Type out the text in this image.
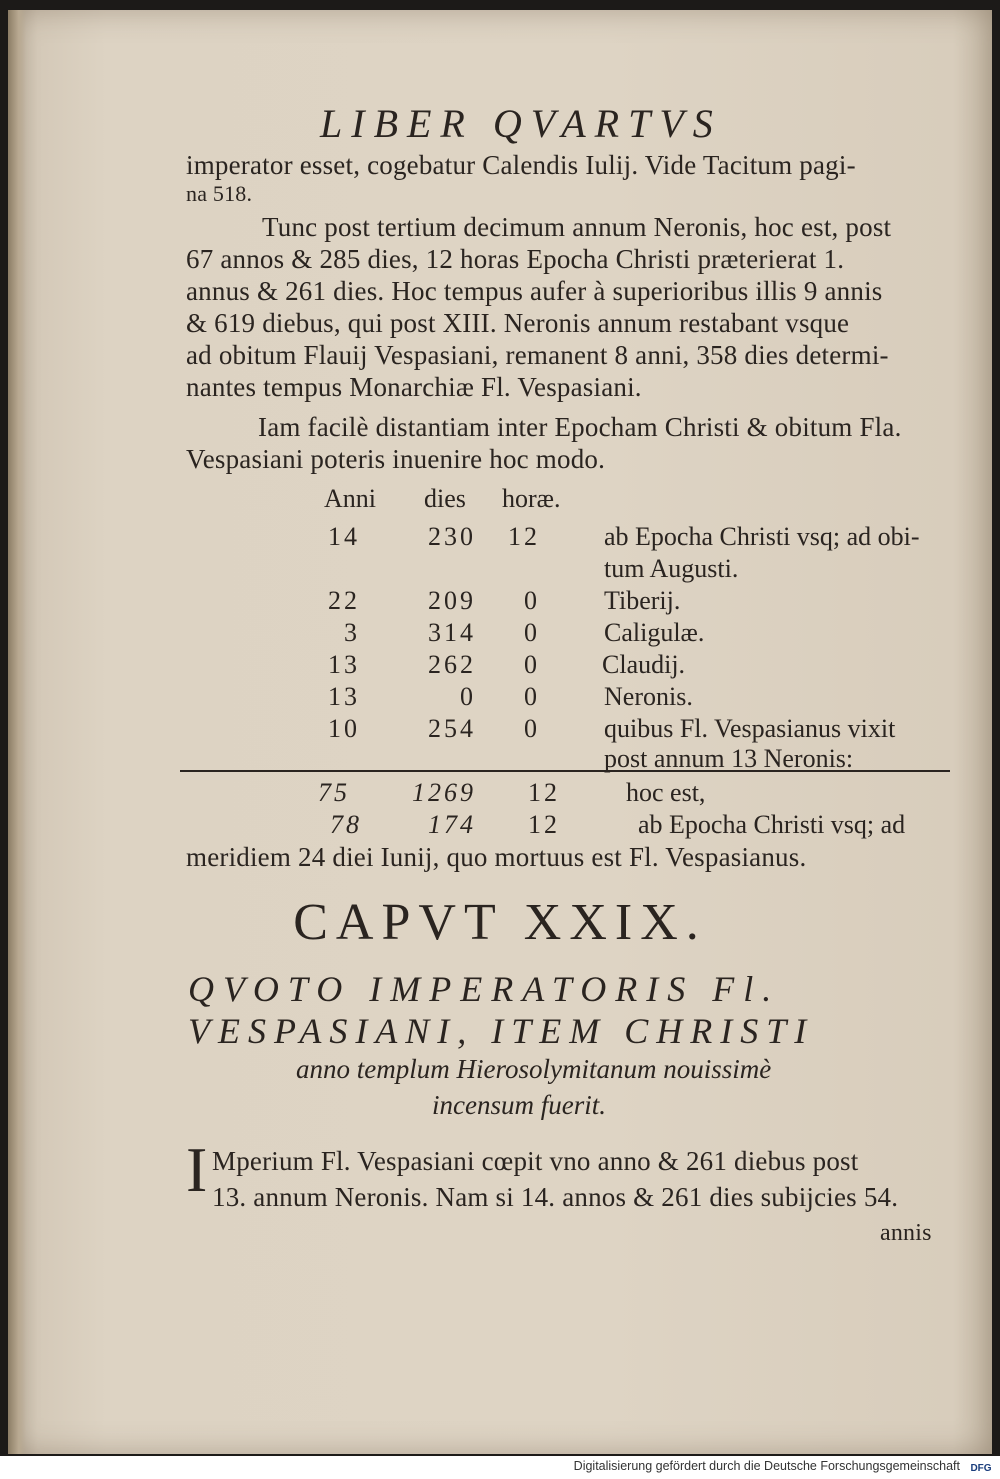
LIBER QVARTVS
imperator esset, cogebatur Calendis Iulij. Vide Tacitum pagi-
na 518.
Tunc post tertium decimum annum Neronis, hoc est, post
67 annos & 285 dies, 12 horas Epocha Christi præterierat 1.
annus & 261 dies. Hoc tempus aufer à superioribus illis 9 annis
& 619 diebus, qui post XIII. Neronis annum restabant vsque
ad obitum Flauij Vespasiani, remanent 8 anni, 358 dies determi-
nantes tempus Monarchiæ Fl. Vespasiani.
Iam facilè distantiam inter Epocham Christi & obitum Fla.
Vespasiani poteris inuenire hoc modo.
Anni dies horæ.
14	230	12 ab Epocha Christi vsq; ad obi-
tum Augusti.
22	209	0 Tiberij.
3	314	0 Caligulæ.
13	262	0 Claudij.
13	0	0 Neronis.
10	254	0 quibus Fl. Vespasianus vixit
post annum 13 Neronis:
75	1269	12	hoc est,
78	174	12	ab Epocha Christi vsq; ad
meridiem 24 diei Iunij, quo mortuus est Fl. Vespasianus.
CAPVT XXIX.
QVOTO IMPERATORIS Fl.
VESPASIANI, ITEM CHRISTI
anno templum Hierosolymitanum nouissimè
incensum fuerit.
I Mperium Fl. Vespasiani cœpit vno anno & 261 diebus post
13. annum Neronis. Nam si 14. annos & 261 dies subijcies 54.
annis
Digitalisierung gefördert durch die Deutsche Forschungsgemeinschaft DFG
